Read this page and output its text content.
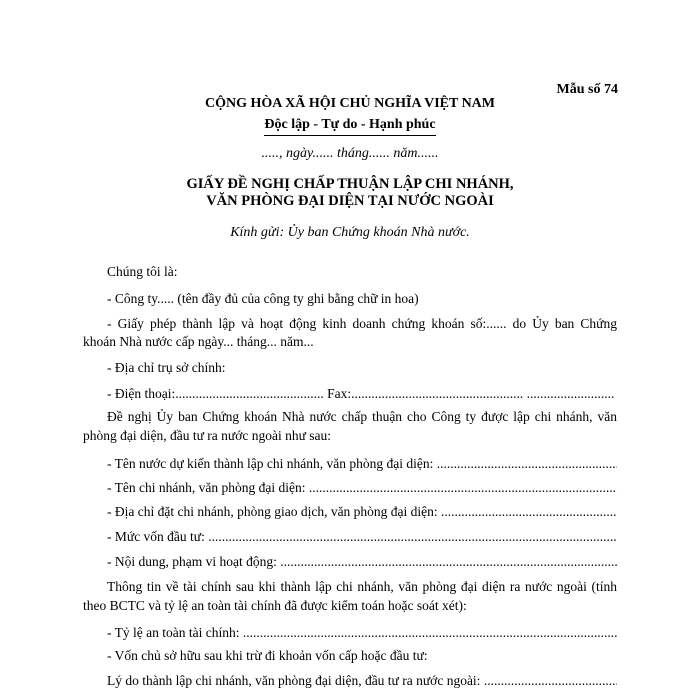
Mẫu số 74
CỘNG HÒA XÃ HỘI CHỦ NGHĨA VIỆT NAM
Độc lập - Tự do - Hạnh phúc
....., ngày...... tháng...... năm......
GIẤY ĐỀ NGHỊ CHẤP THUẬN LẬP CHI NHÁNH,
VĂN PHÒNG ĐẠI DIỆN TẠI NƯỚC NGOÀI
Kính gửi: Ủy ban Chứng khoán Nhà nước.
Chúng tôi là:
- Công ty..... (tên đầy đủ của công ty ghi bằng chữ in hoa)
- Giấy phép thành lập và hoạt động kinh doanh chứng khoán số:...... do Ủy ban Chứng
khoán Nhà nước cấp ngày... tháng... năm...
- Địa chỉ trụ sở chính:
- Điện thoại:............................................ Fax:................................................... ..........................
Đề nghị Ủy ban Chứng khoán Nhà nước chấp thuận cho Công ty được lập chi nhánh, văn
phòng đại diện, đầu tư ra nước ngoài như sau:
- Tên nước dự kiến thành lập chi nhánh, văn phòng đại diện: .....
- Tên chi nhánh, văn phòng đại diện: .....
- Địa chỉ đặt chi nhánh, phòng giao dịch, văn phòng đại diện: .....
- Mức vốn đầu tư: .....
- Nội dung, phạm vi hoạt động: .....
Thông tin về tài chính sau khi thành lập chi nhánh, văn phòng đại diện ra nước ngoài (tính
theo BCTC và tỷ lệ an toàn tài chính đã được kiểm toán hoặc soát xét):
- Tỷ lệ an toàn tài chính: .....
- Vốn chủ sở hữu sau khi trừ đi khoản vốn cấp hoặc đầu tư:
Lý do thành lập chi nhánh, văn phòng đại diện, đầu tư ra nước ngoài: .....
